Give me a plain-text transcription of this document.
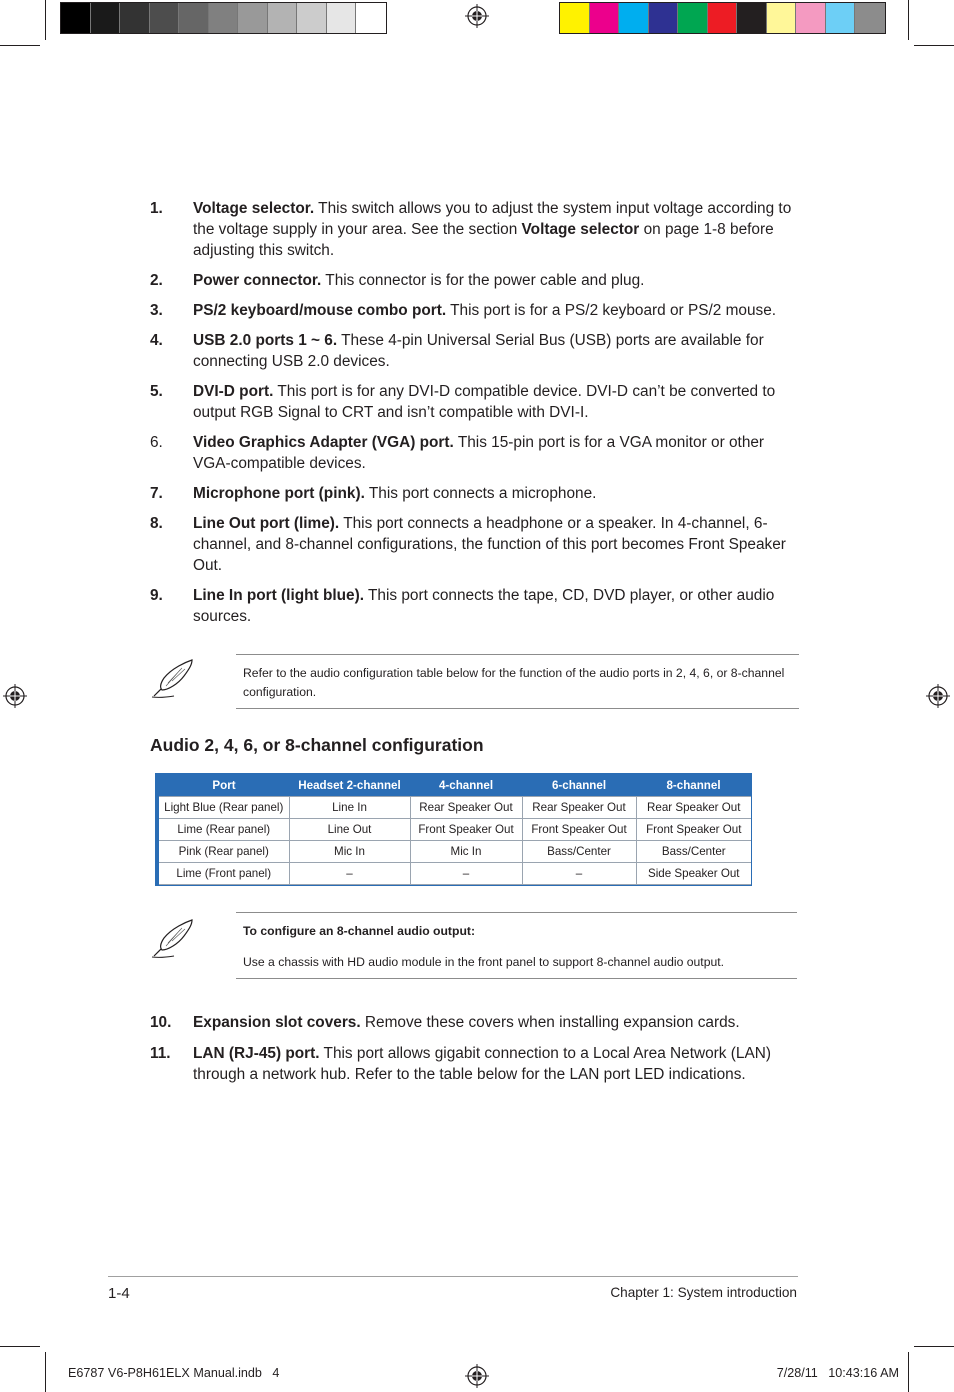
1. Voltage selector. This switch allows you to adjust the system input voltage according to the voltage supply in your area. See the section Voltage selector on page 1-8 before adjusting this switch.
2. Power connector. This connector is for the power cable and plug.
3. PS/2 keyboard/mouse combo port. This port is for a PS/2 keyboard or PS/2 mouse.
4. USB 2.0 ports 1 ~ 6. These 4-pin Universal Serial Bus (USB) ports are available for connecting USB 2.0 devices.
5. DVI-D port. This port is for any DVI-D compatible device. DVI-D can’t be converted to output RGB Signal to CRT and isn’t compatible with DVI-I.
6. Video Graphics Adapter (VGA) port. This 15-pin port is for a VGA monitor or other VGA-compatible devices.
7. Microphone port (pink). This port connects a microphone.
8. Line Out port (lime). This port connects a headphone or a speaker. In 4-channel, 6-channel, and 8-channel configurations, the function of this port becomes Front Speaker Out.
9. Line In port (light blue). This port connects the tape, CD, DVD player, or other audio sources.
Refer to the audio configuration table below for the function of the audio ports in 2, 4, 6, or 8-channel configuration.
Audio 2, 4, 6, or 8-channel configuration
Port	Headset 2-channel	4-channel	6-channel	8-channel
Light Blue (Rear panel)	Line In	Rear Speaker Out	Rear Speaker Out	Rear Speaker Out
Lime (Rear panel)	Line Out	Front Speaker Out	Front Speaker Out	Front Speaker Out
Pink (Rear panel)	Mic In	Mic In	Bass/Center	Bass/Center
Lime (Front panel)	–	–	–	Side Speaker Out
To configure an 8-channel audio output:
Use a chassis with HD audio module in the front panel to support 8-channel audio output.
10. Expansion slot covers. Remove these covers when installing expansion cards.
11. LAN (RJ-45) port. This port allows gigabit connection to a Local Area Network (LAN) through a network hub. Refer to the table below for the LAN port LED indications.
1-4	Chapter 1: System introduction
E6787 V6-P8H61ELX Manual.indb   4	7/28/11   10:43:16 AM
